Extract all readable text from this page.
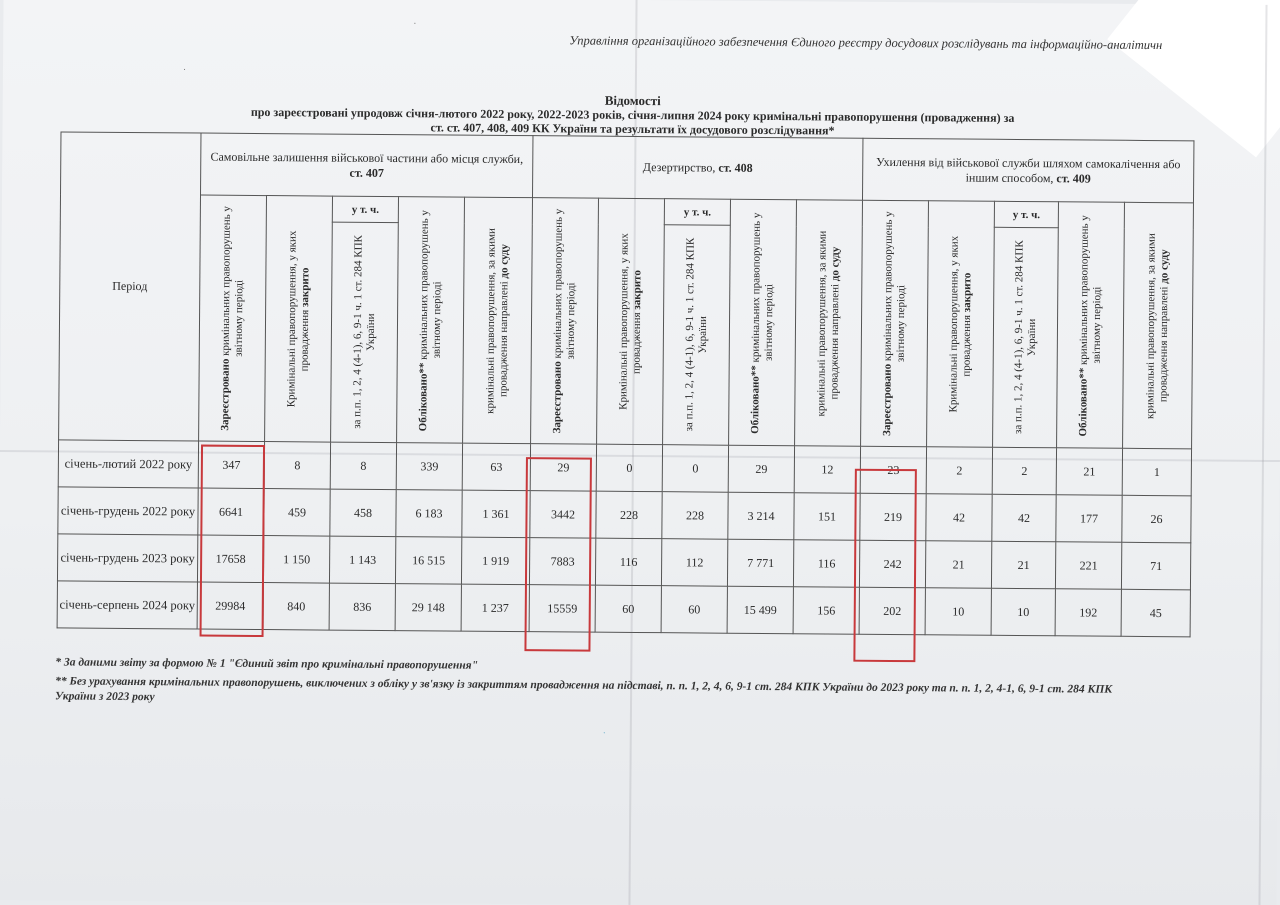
Управління організаційного забезпечення Єдиного реєстру досудових розслідувань та інформаційно-аналітичн
Відомості
про зареєстровані упродовж січня-лютого 2022 року, 2022-2023 років, січня-липня 2024 року кримінальні правопорушення (провадження) за
ст. ст. 407, 408, 409 КК України та результати їх досудового розслідування*
Період	Самовільне залишення військової частини або місця служби, ст. 407					Дезертирство, ст. 408					Ухилення від військової служби шляхом самокалічення або іншим способом, ст. 409				

	Зареєстровано кримінальних правопорушень у звітному періоді	Кримінальні правопорушення, у яких провадження закрито	у т. ч.	Обліковано** кримінальних правопорушень у звітному періоді	кримінальні правопорушення, за якими провадження направлені до суду	Зареєстровано кримінальних правопорушень у звітному періоді	Кримінальні правопорушення, у яких провадження закрито	у т. ч.	Обліковано** кримінальних правопорушень у звітному періоді	кримінальні правопорушення, за якими провадження направлені до суду	Зареєстровано кримінальних правопорушень у звітному періоді	Кримінальні правопорушення, у яких провадження закрито	у т. ч.	Обліковано** кримінальних правопорушень у звітному періоді	кримінальні правопорушення, за якими провадження направлені до суду

			за п.п. 1, 2, 4 (4-1), 6, 9-1 ч. 1 ст. 284 КПК України					за п.п. 1, 2, 4 (4-1), 6, 9-1 ч. 1 ст. 284 КПК України					за п.п. 1, 2, 4 (4-1), 6, 9-1 ч. 1 ст. 284 КПК України		

січень-лютий 2022 року	347	8	8	339	63	29	0	0	29	12	23	2	2	21	1
січень-грудень 2022 року	6641	459	458	6 183	1 361	3442	228	228	3 214	151	219	42	42	177	26
січень-грудень 2023 року	17658	1 150	1 143	16 515	1 919	7883	116	112	7 771	116	242	21	21	221	71
січень-серпень 2024 року	29984	840	836	29 148	1 237	15559	60	60	15 499	156	202	10	10	192	45
* За даними звіту за формою № 1 "Єдиний звіт про кримінальні правопорушення"
** Без урахування кримінальних правопорушень, виключених з обліку у зв'язку із закриттям провадження на підставі, п. п. 1, 2, 4, 6, 9-1 ст. 284 КПК України до 2023 року та п. п. 1, 2, 4-1, 6, 9-1 ст. 284 КПК України з 2023 року
·
·
·
